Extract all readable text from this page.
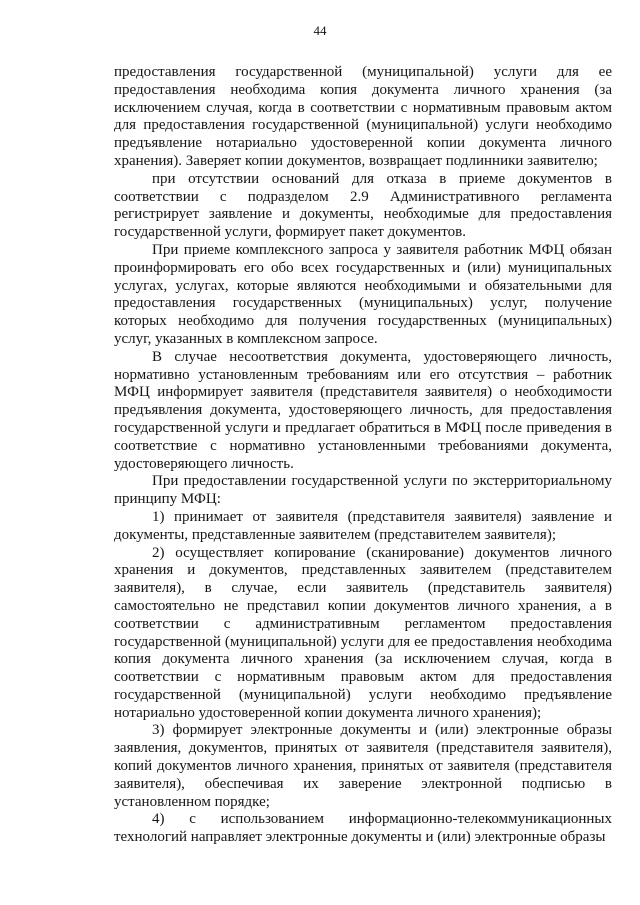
44

предоставления государственной (муниципальной) услуги для ее предоставления необходима копия документа личного хранения (за исключением случая, когда в соответствии с нормативным правовым актом для предоставления государственной (муниципальной) услуги необходимо предъявление нотариально удостоверенной копии документа личного хранения). Заверяет копии документов, возвращает подлинники заявителю;

при отсутствии оснований для отказа в приеме документов в соответствии с подразделом 2.9 Административного регламента регистрирует заявление и документы, необходимые для предоставления государственной услуги, формирует пакет документов.

При приеме комплексного запроса у заявителя работник МФЦ обязан проинформировать его обо всех государственных и (или) муниципальных услугах, услугах, которые являются необходимыми и обязательными для предоставления государственных (муниципальных) услуг, получение которых необходимо для получения государственных (муниципальных) услуг, указанных в комплексном запросе.

В случае несоответствия документа, удостоверяющего личность, нормативно установленным требованиям или его отсутствия – работник МФЦ информирует заявителя (представителя заявителя) о необходимости предъявления документа, удостоверяющего личность, для предоставления государственной услуги и предлагает обратиться в МФЦ после приведения в соответствие с нормативно установленными требованиями документа, удостоверяющего личность.

При предоставлении государственной услуги по экстерриториальному принципу МФЦ:

1) принимает от заявителя (представителя заявителя) заявление и документы, представленные заявителем (представителем заявителя);

2) осуществляет копирование (сканирование) документов личного хранения и документов, представленных заявителем (представителем заявителя), в случае, если заявитель (представитель заявителя) самостоятельно не представил копии документов личного хранения, а в соответствии с административным регламентом предоставления государственной (муниципальной) услуги для ее предоставления необходима копия документа личного хранения (за исключением случая, когда в соответствии с нормативным правовым актом для предоставления государственной (муниципальной) услуги необходимо предъявление нотариально удостоверенной копии документа личного хранения);

3) формирует электронные документы и (или) электронные образы заявления, документов, принятых от заявителя (представителя заявителя), копий документов личного хранения, принятых от заявителя (представителя заявителя), обеспечивая их заверение электронной подписью в установленном порядке;

4) с использованием информационно-телекоммуникационных технологий направляет электронные документы и (или) электронные образы
